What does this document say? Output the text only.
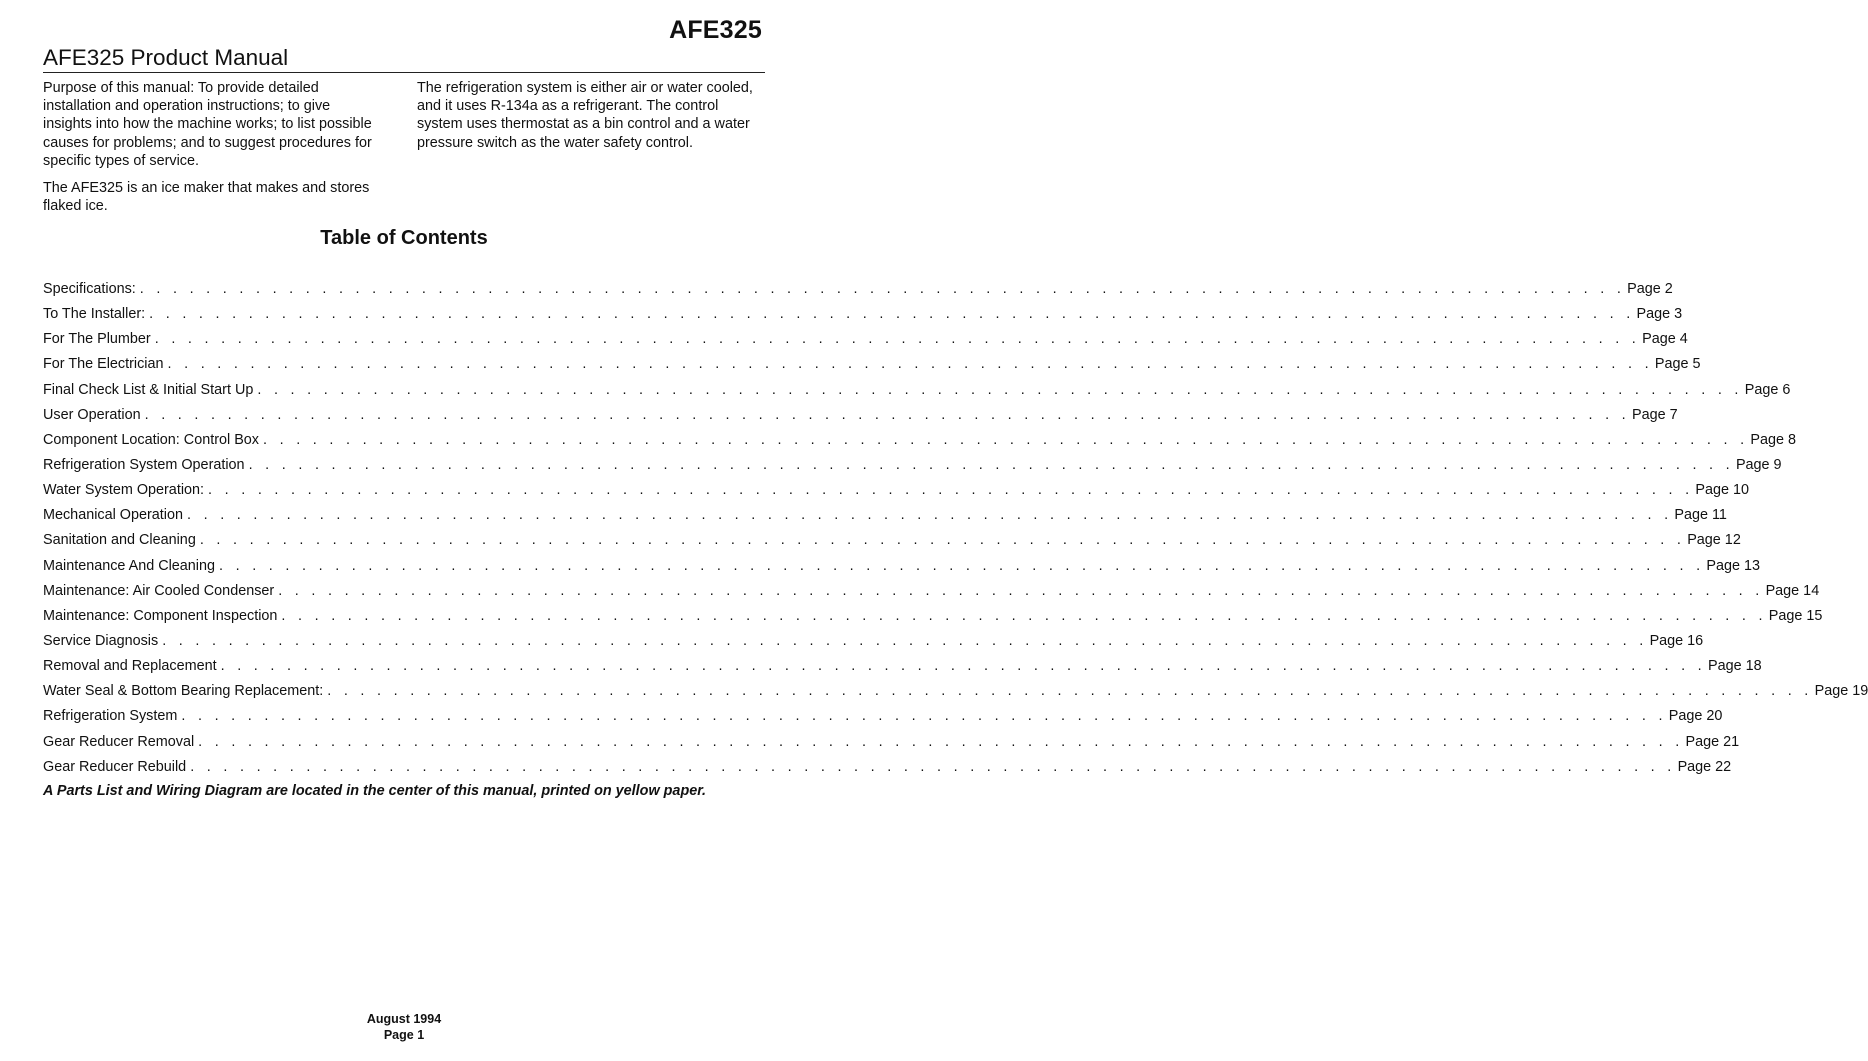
AFE325
AFE325 Product Manual

Purpose of this manual: To provide detailed installation and operation instructions; to give insights into how the machine works; to list possible causes for problems; and to suggest procedures for specific types of service.

The AFE325 is an ice maker that makes and stores flaked ice.

The refrigeration system is either air or water cooled, and it uses R-134a as a refrigerant. The control system uses thermostat as a bin control and a water pressure switch as the water safety control.

Table of Contents
Specifications: . . . . . . . . . . . . . . . . . . . . . . . . . . . . . . . . . . . . . . . . . . . . . . . . . . . . . . . . . . . . . . . . . . . . . . . . . . . . . . . . . . . . . . . . . . Page 2
To The Installer: . . . . . . . . . . . . . . . . . . . . . . . . . . . . . . . . . . . . . . . . . . . . . . . . . . . . . . . . . . . . . . . . . . . . . . . . . . . . . . . . . . . . . . . . . . Page 3
For The Plumber . . . . . . . . . . . . . . . . . . . . . . . . . . . . . . . . . . . . . . . . . . . . . . . . . . . . . . . . . . . . . . . . . . . . . . . . . . . . . . . . . . . . . . . . . . Page 4
For The Electrician . . . . . . . . . . . . . . . . . . . . . . . . . . . . . . . . . . . . . . . . . . . . . . . . . . . . . . . . . . . . . . . . . . . . . . . . . . . . . . . . . . . . . . . . . . Page 5
Final Check List & Initial Start Up . . . . . . . . . . . . . . . . . . . . . . . . . . . . . . . . . . . . . . . . . . . . . . . . . . . . . . . . . . . . . . . . . . . . . . . . . . . . . . . . . . . . . . . . . . Page 6
User Operation . . . . . . . . . . . . . . . . . . . . . . . . . . . . . . . . . . . . . . . . . . . . . . . . . . . . . . . . . . . . . . . . . . . . . . . . . . . . . . . . . . . . . . . . . . Page 7
Component Location: Control Box . . . . . . . . . . . . . . . . . . . . . . . . . . . . . . . . . . . . . . . . . . . . . . . . . . . . . . . . . . . . . . . . . . . . . . . . . . . . . . . . . . . . . . . . . . Page 8
Refrigeration System Operation . . . . . . . . . . . . . . . . . . . . . . . . . . . . . . . . . . . . . . . . . . . . . . . . . . . . . . . . . . . . . . . . . . . . . . . . . . . . . . . . . . . . . . . . . . Page 9
Water System Operation: . . . . . . . . . . . . . . . . . . . . . . . . . . . . . . . . . . . . . . . . . . . . . . . . . . . . . . . . . . . . . . . . . . . . . . . . . . . . . . . . . . . . . . . . . . Page 10
Mechanical Operation . . . . . . . . . . . . . . . . . . . . . . . . . . . . . . . . . . . . . . . . . . . . . . . . . . . . . . . . . . . . . . . . . . . . . . . . . . . . . . . . . . . . . . . . . . Page 11
Sanitation and Cleaning . . . . . . . . . . . . . . . . . . . . . . . . . . . . . . . . . . . . . . . . . . . . . . . . . . . . . . . . . . . . . . . . . . . . . . . . . . . . . . . . . . . . . . . . . . Page 12
Maintenance And Cleaning . . . . . . . . . . . . . . . . . . . . . . . . . . . . . . . . . . . . . . . . . . . . . . . . . . . . . . . . . . . . . . . . . . . . . . . . . . . . . . . . . . . . . . . . . . Page 13
Maintenance: Air Cooled Condenser . . . . . . . . . . . . . . . . . . . . . . . . . . . . . . . . . . . . . . . . . . . . . . . . . . . . . . . . . . . . . . . . . . . . . . . . . . . . . . . . . . . . . . . . . . Page 14
Maintenance: Component Inspection . . . . . . . . . . . . . . . . . . . . . . . . . . . . . . . . . . . . . . . . . . . . . . . . . . . . . . . . . . . . . . . . . . . . . . . . . . . . . . . . . . . . . . . . . . Page 15
Service Diagnosis . . . . . . . . . . . . . . . . . . . . . . . . . . . . . . . . . . . . . . . . . . . . . . . . . . . . . . . . . . . . . . . . . . . . . . . . . . . . . . . . . . . . . . . . . . Page 16
Removal and Replacement . . . . . . . . . . . . . . . . . . . . . . . . . . . . . . . . . . . . . . . . . . . . . . . . . . . . . . . . . . . . . . . . . . . . . . . . . . . . . . . . . . . . . . . . . . Page 18
Water Seal & Bottom Bearing Replacement: . . . . . . . . . . . . . . . . . . . . . . . . . . . . . . . . . . . . . . . . . . . . . . . . . . . . . . . . . . . . . . . . . . . . . . . . . . . . . . . . . . . . . . . . . . Page 19
Refrigeration System . . . . . . . . . . . . . . . . . . . . . . . . . . . . . . . . . . . . . . . . . . . . . . . . . . . . . . . . . . . . . . . . . . . . . . . . . . . . . . . . . . . . . . . . . . Page 20
Gear Reducer Removal . . . . . . . . . . . . . . . . . . . . . . . . . . . . . . . . . . . . . . . . . . . . . . . . . . . . . . . . . . . . . . . . . . . . . . . . . . . . . . . . . . . . . . . . . . Page 21
Gear Reducer Rebuild . . . . . . . . . . . . . . . . . . . . . . . . . . . . . . . . . . . . . . . . . . . . . . . . . . . . . . . . . . . . . . . . . . . . . . . . . . . . . . . . . . . . . . . . . . Page 22
A Parts List and Wiring Diagram are located in the center of this manual, printed on yellow paper.
August 1994
Page 1
